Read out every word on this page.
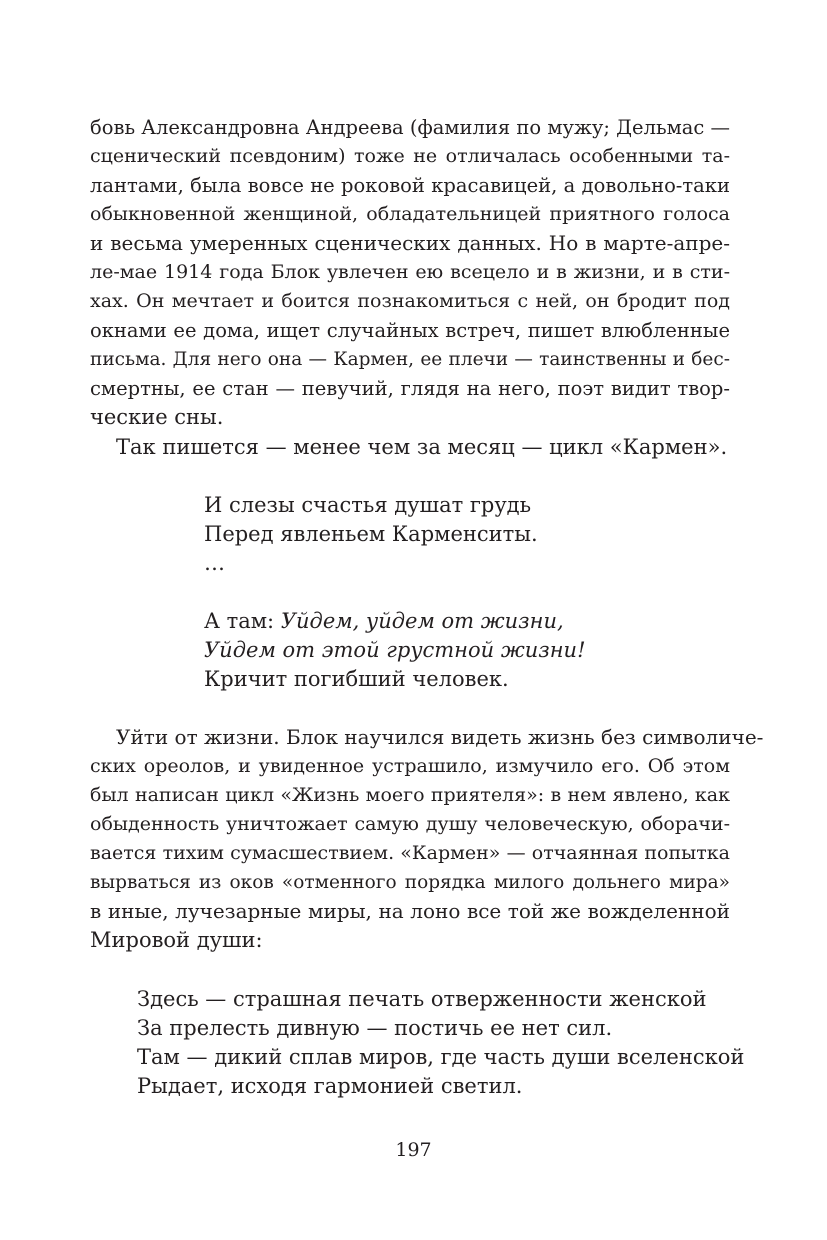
бовь Александровна Андреева (фамилия по мужу; Дельмас —
сценический псевдоним) тоже не отличалась особенными та-
лантами, была вовсе не роковой красавицей, а довольно-таки
обыкновенной женщиной, обладательницей приятного голоса
и весьма умеренных сценических данных. Но в марте-апре-
ле-мае 1914 года Блок увлечен ею всецело и в жизни, и в сти-
хах. Он мечтает и боится познакомиться с ней, он бродит под
окнами ее дома, ищет случайных встреч, пишет влюбленные
письма. Для него она — Кармен, ее плечи — таинственны и бес-
смертны, ее стан — певучий, глядя на него, поэт видит твор-
ческие сны.
Так пишется — менее чем за месяц — цикл «Кармен».
И слезы счастья душат грудь
Перед явленьем Карменситы.
…
А там: Уйдем, уйдем от жизни,
Уйдем от этой грустной жизни!
Кричит погибший человек.
Уйти от жизни. Блок научился видеть жизнь без символиче-
ских ореолов, и увиденное устрашило, измучило его. Об этом
был написан цикл «Жизнь моего приятеля»: в нем явлено, как
обыденность уничтожает самую душу человеческую, оборачи-
вается тихим сумасшествием. «Кармен» — отчаянная попытка
вырваться из оков «отменного порядка милого дольнего мира»
в иные, лучезарные миры, на лоно все той же вожделенной
Мировой души:
Здесь — страшная печать отверженности женской
За прелесть дивную — постичь ее нет сил.
Там — дикий сплав миров, где часть души вселенской
Рыдает, исходя гармонией светил.
197
